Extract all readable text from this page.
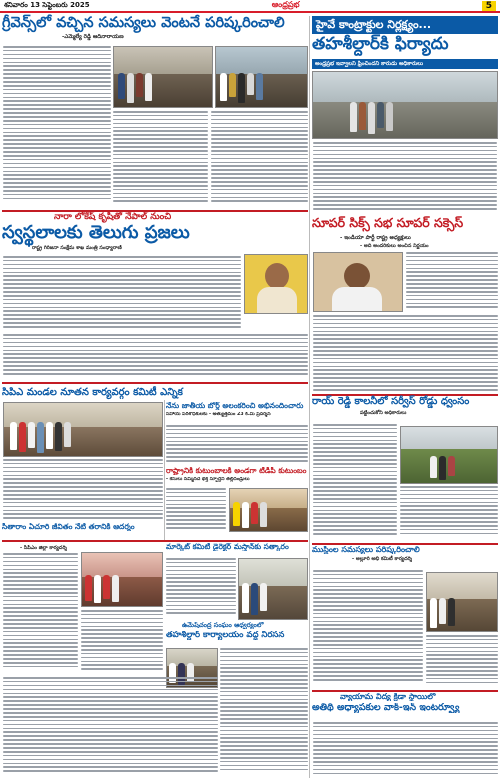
శనివారం 13 సెప్టెంబరు 2025	ఆంధ్రప్రభ	5
గ్రీవెన్స్‌లో వచ్చిన సమస్యలు వెంటనే పరిష్కరించాలి
-ఎమ్మెల్యే రెడ్డి ఆదినారాయణ
హైవే కాంట్రాక్టుల నిర్లక్ష్యం...
తహశీల్దార్‌కి ఫిర్యాదు
అంధ్రప్రభ ఇవ్వాలని ఫ్రించిందని కారుడు అధికారులు
నారా లోకేష్ కృషితో నేపాల్ నుంచి
స్వస్థలాలకు తెలుగు ప్రజలు
రాష్ట్ర గిరిజనా సంక్షేమ శాఖ మంత్రి సంధ్యారాణి
సూపర్ సిక్స్ సభ సూపర్ సక్సెస్
- ఇండియా పార్టీ రాష్ట్ర అధ్యక్షులు
- అది అందరికులు అంచిన నిర్ణయం
రాయ్ రెడ్డి కాలనీలో సర్వీస్ రోడ్డు ధ్వంసం
పట్టించుకోని అధికారులు
సిపిఎ మండల నూతన కార్యవర్గం కమిటీ ఎన్నిక
నేను జాతీయ బోర్డ్ అలంకరించి అభినందించారు
సహాయ పరిశోధకులకు - అత్యుత్తమం 23 కి.మీ ప్రదర్శన
రాష్ట్రానికి కుటుంబాలకి అండగా టీడీపీ కుటుంబం
- కేసులు నమ్మినదే భక్త స్ఫూర్తిని తల్లిదండ్రులు
మార్కెట్ కమిటీ డైరెక్టర్ మస్తాన్‌కు సత్కారం
సీతారాం ఏచూరి జీవితం నేటి తరానికి ఆదర్శం
- సిపిఎం జిల్లా కార్యదర్శి
ఉమేష్‌చంద్ర సంఘం ఆధ్వర్యంలో
తహశీల్దార్ కార్యాలయం వద్ద నిరసన
ముస్లింల సమస్యలు పరిష్కరించాలి
- అల్లూరి అభి కమిటీ కార్యదర్శి
వ్యాయామ విద్య క్రీడా స్థాయిలో
అతిథి అధ్యాపకుల వాక్-ఇన్ ఇంటర్వ్యూ
